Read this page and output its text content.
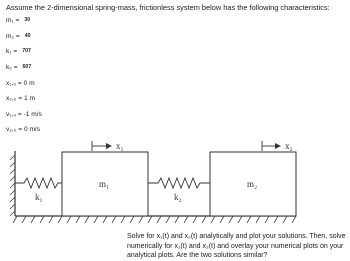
Assume the 2-dimensional spring-mass, frictionless system below has the following characteristics:
m₁ = 30
m₂ = 40
k₁ = 707
k₂ = 607
x₁,₀ = 0 m
x₂,₀ = 1 m
v₁,₀ = -1 m/s
v₂,₀ = 0 m/s
x₁	x₂
m₁	m₂
k₁	k₂
Solve for x₁(t) and x₂(t) analytically and plot your solutions. Then, solve numerically for x₁(t) and x₂(t) and overlay your numerical plots on your analytical plots. Are the two solutions similar?
